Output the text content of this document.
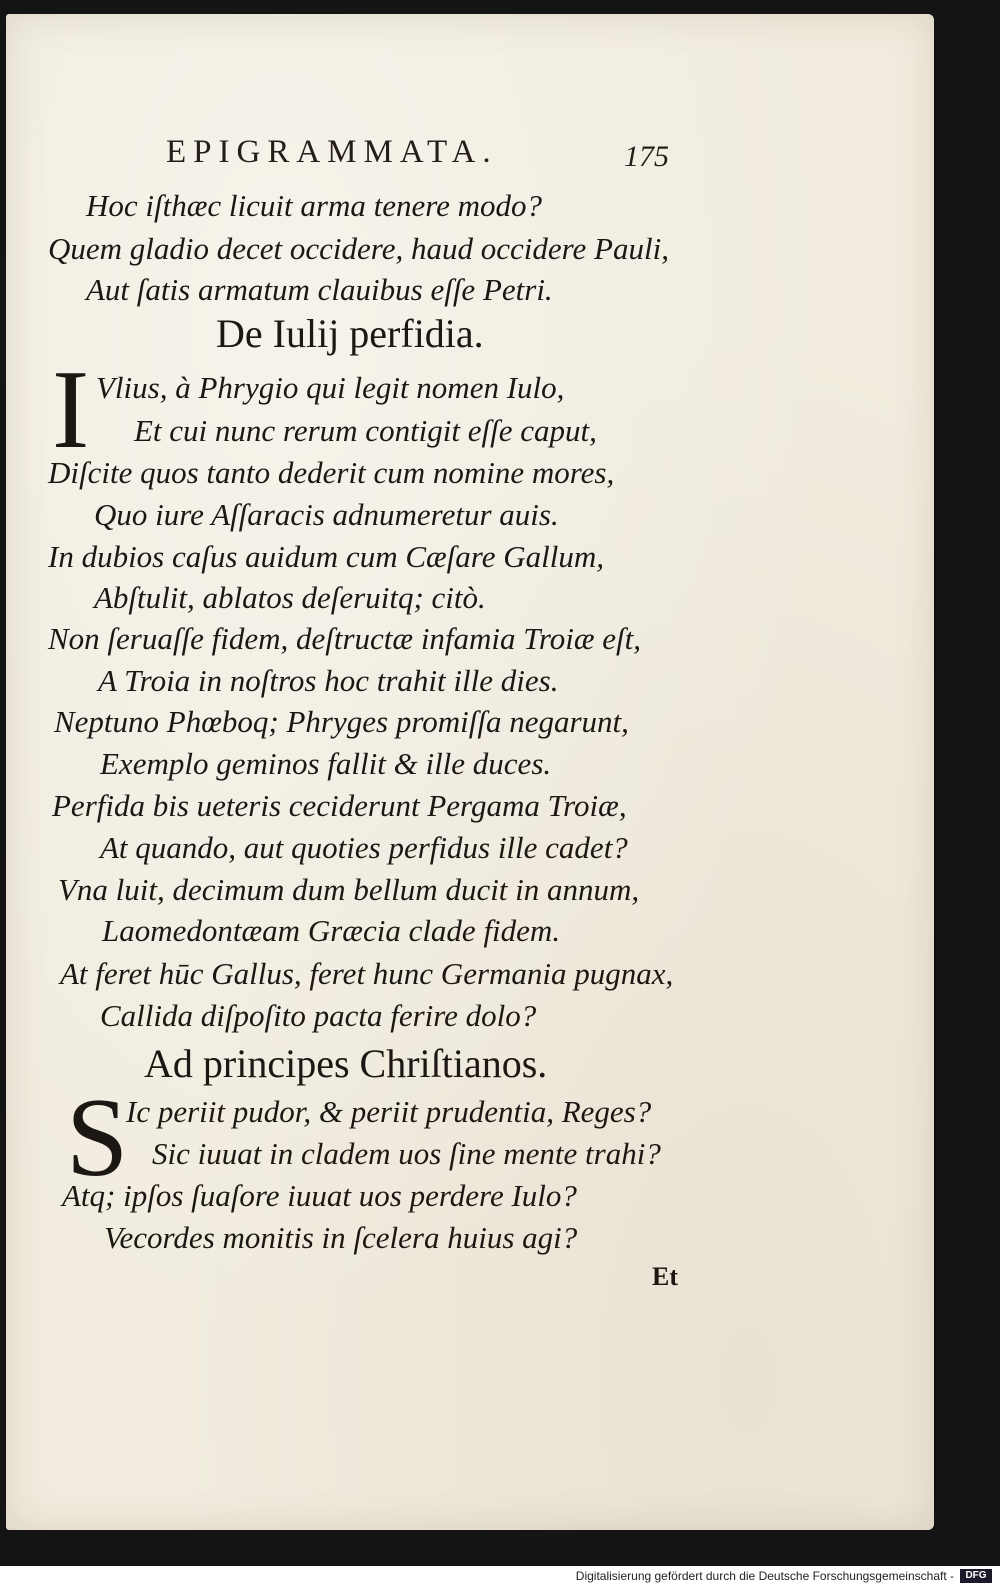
EPIGRAMMATA.	175
Hoc iſthæc licuit arma tenere modo?
Quem gladio decet occidere, haud occidere Pauli,
Aut ſatis armatum clauibus eſſe Petri.
De Iulij perfidia.
I Vlius, à Phrygio qui legit nomen Iulo,
Et cui nunc rerum contigit eſſe caput,
Diſcite quos tanto dederit cum nomine mores,
Quo iure Aſſaracis adnumeretur auis.
In dubios caſus auidum cum Cæſare Gallum,
Abſtulit, ablatos deſeruitq; citò.
Non ſeruaſſe fidem, deſtructæ infamia Troiæ eſt,
A Troia in noſtros hoc trahit ille dies.
Neptuno Phœboq; Phryges promiſſa negarunt,
Exemplo geminos fallit & ille duces.
Perfida bis ueteris ceciderunt Pergama Troiæ,
At quando, aut quoties perfidus ille cadet?
Vna luit, decimum dum bellum ducit in annum,
Laomedontæam Græcia clade fidem.
At feret hūc Gallus, feret hunc Germania pugnax,
Callida diſpoſito pacta ferire dolo?
Ad principes Chriſtianos.
S
Ic periit pudor, & periit prudentia, Reges?
Sic iuuat in cladem uos ſine mente trahi?
Atq; ipſos ſuaſore iuuat uos perdere Iulo?
Vecordes monitis in ſcelera huius agi?
Et
Digitalisierung gefördert durch die Deutsche Forschungsgemeinschaft -	DFG
